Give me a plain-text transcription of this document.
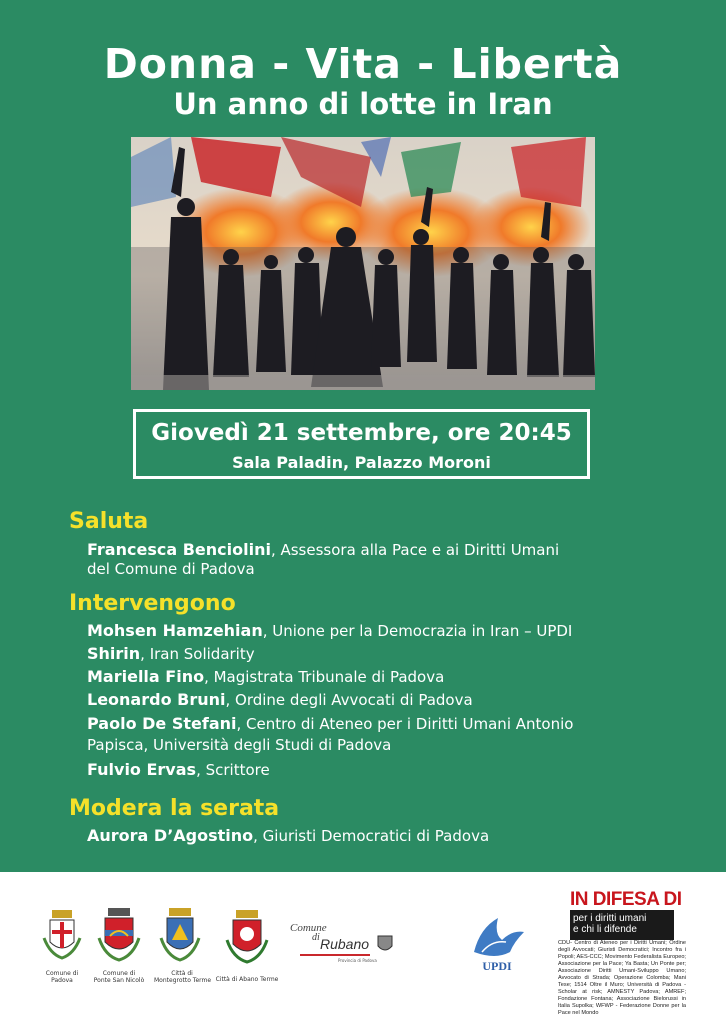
Donna - Vita - Libertà
Un anno di lotte in Iran
Giovedì 21 settembre, ore 20:45
Sala Paladin, Palazzo Moroni
Saluta
Francesca Benciolini, Assessora alla Pace e ai Diritti Umani
del Comune di Padova
Intervengono
Mohsen Hamzehian, Unione per la Democrazia in Iran – UPDI
Shirin, Iran Solidarity
Mariella Fino, Magistrata Tribunale di Padova
Leonardo Bruni, Ordine degli Avvocati di Padova
Paolo De Stefani, Centro di Ateneo per i Diritti Umani Antonio
Papisca, Università degli Studi di Padova
Fulvio Ervas, Scrittore
Modera la serata
Aurora D’Agostino, Giuristi Democratici di Padova
Comune di
Padova
Comune di
Ponte San Nicolò
Città di
Montegrotto Terme Città di Abano Terme
Comune
di Rubano
Provincia di Padova	UPDI
IN DIFESA DI
per i diritti umani
e chi li difende
CDU- Centro di Ateneo per i Diritti Umani; Ordine degli Avvocati; Giuristi Democratici; Incontro fra i Popoli; AES-CCC; Movimento Federalista Europeo; Associazione per la Pace; Ya Basta; Un Ponte per; Associazione Diritti Umani-Sviluppo Umano; Avvocato di Strada; Operazione Colomba; Mani Tese; 1514 Oltre il Muro; Università di Padova - Scholar at risk; AMNESTY Padova; AMREF; Fondazione Fontana; Associazione Bielorussi in Italia Supolka; WFWP - Federazione Donne per la Pace nel Mondo
